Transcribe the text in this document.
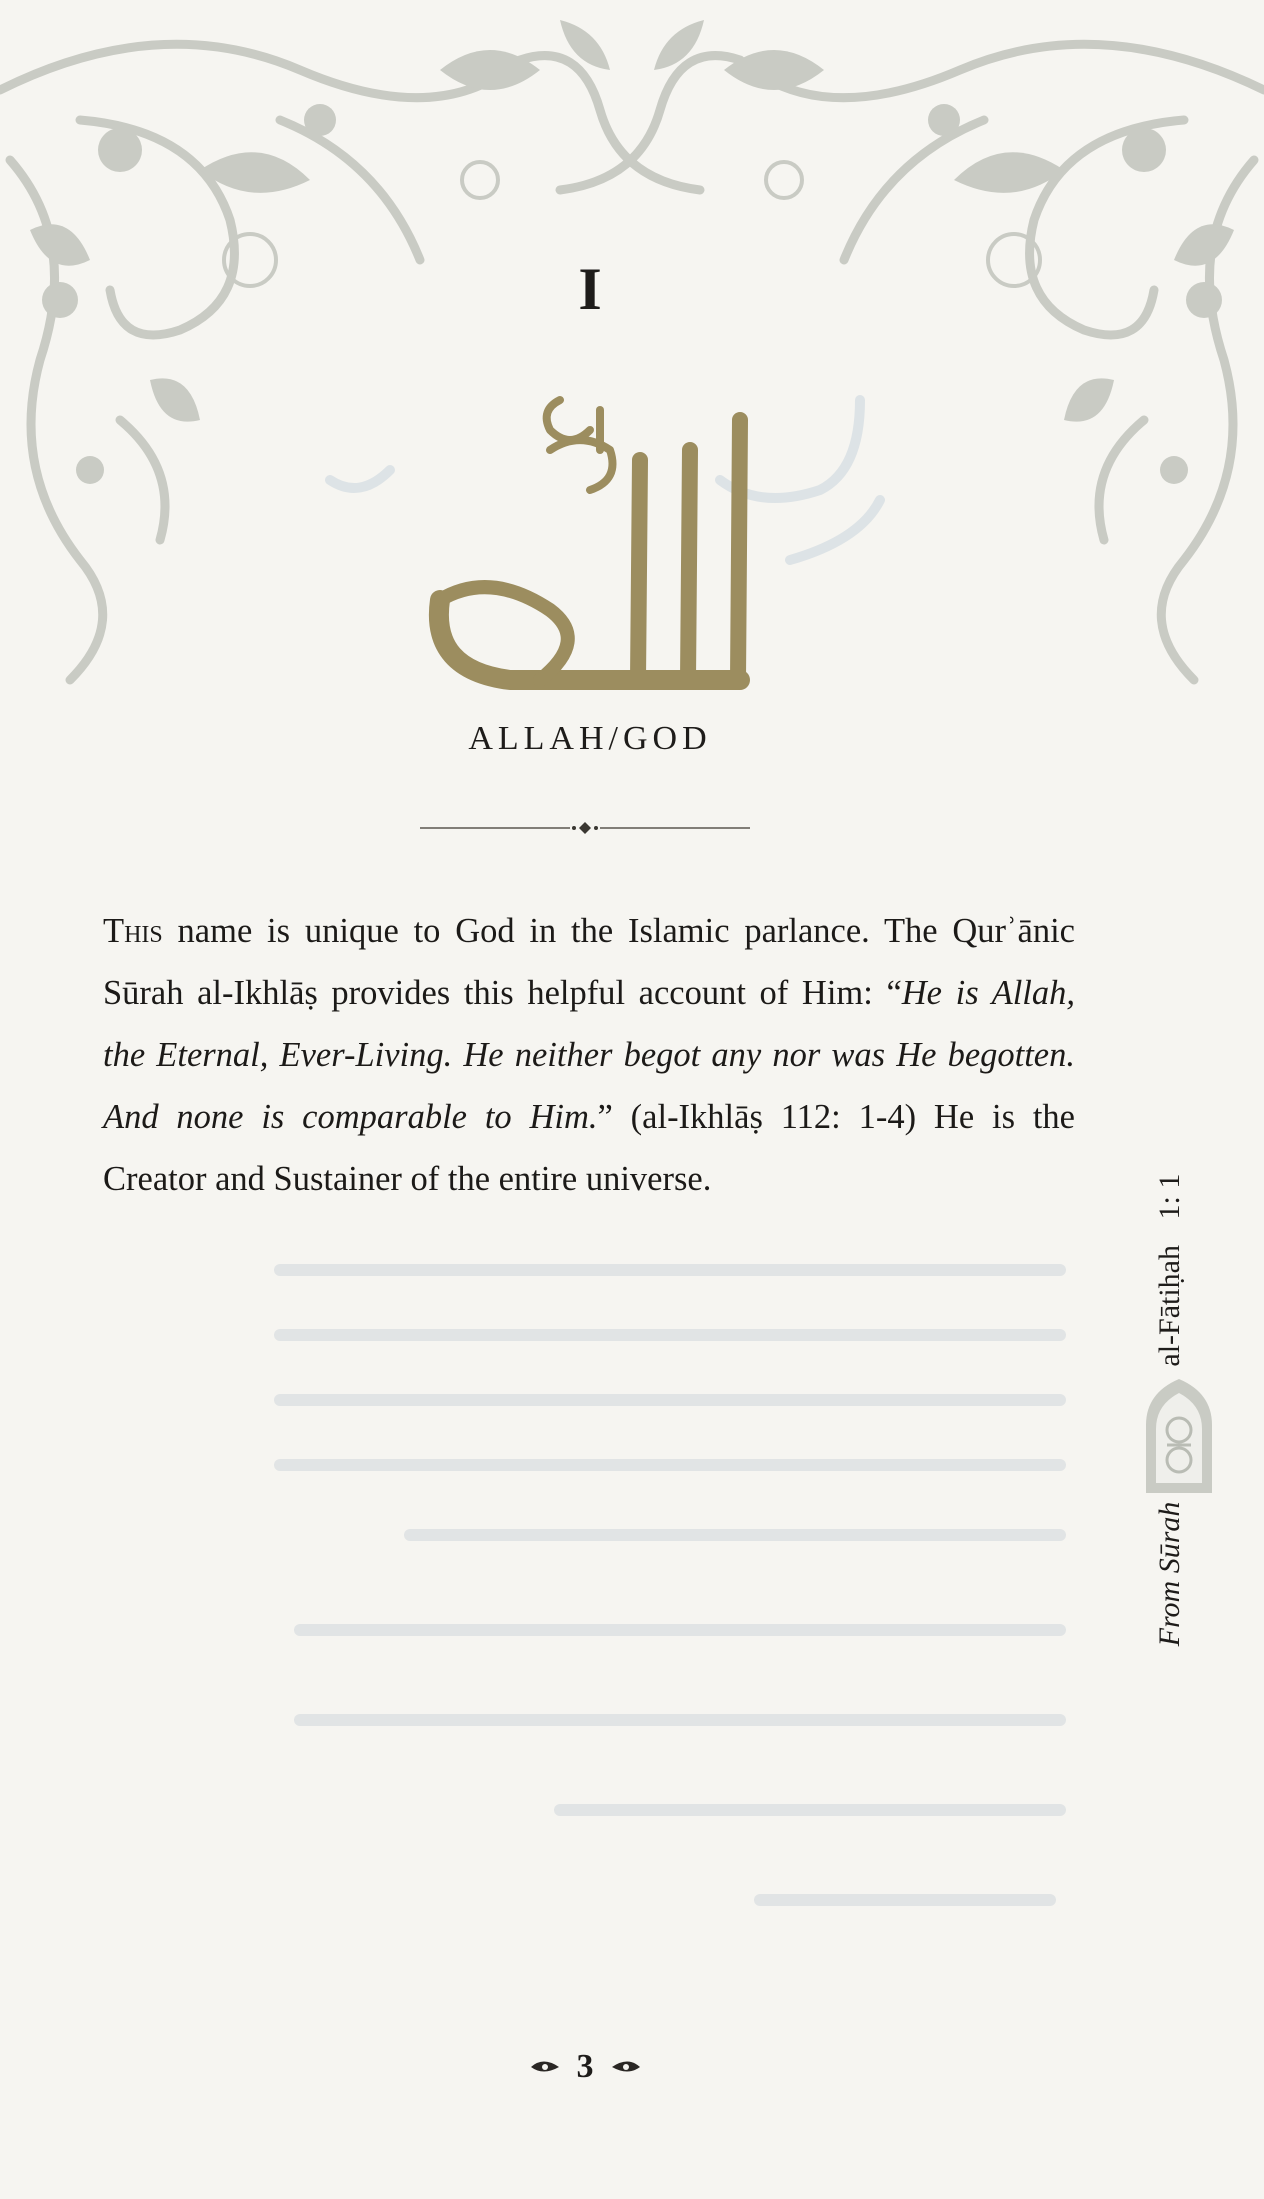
I
ALLAH/GOD
This name is unique to God in the Islamic parlance. The Qurʾānic Sūrah al-Ikhlāṣ provides this helpful account of Him: “He is Allah, the Eternal, Ever-Living. He neither begot any nor was He begotten. And none is comparable to Him.” (al-Ikhlāṣ 112: 1-4) He is the Creator and Sustainer of the entire universe.
From Sūrah  al-Fātiḥah 1: 1
3
